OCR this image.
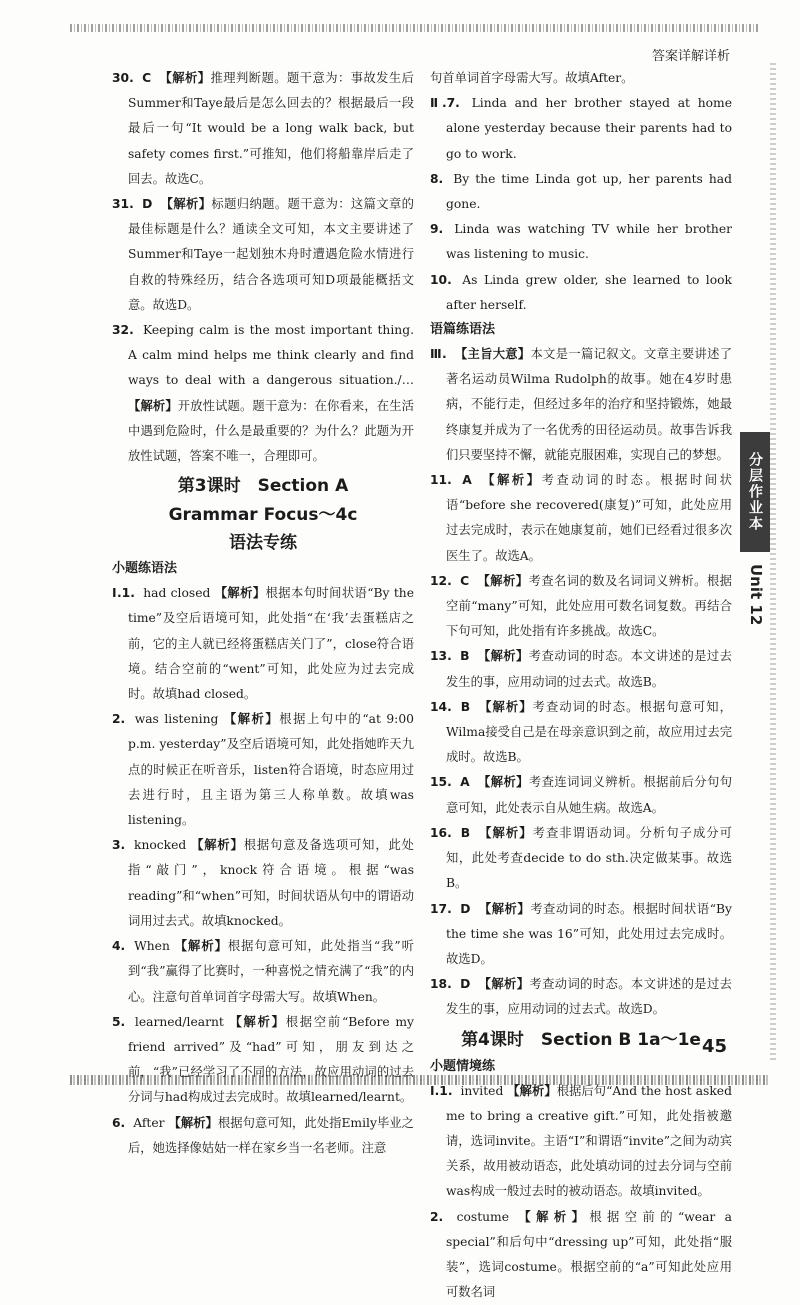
答案详解详析

30. C 【解析】推理判断题。题干意为：事故发生后Summer和Taye最后是怎么回去的？根据最后一段最后一句“It would be a long walk back, but safety comes first.”可推知，他们将船靠岸后走了回去。故选C。

31. D 【解析】标题归纳题。题干意为：这篇文章的最佳标题是什么？通读全文可知，本文主要讲述了Summer和Taye一起划独木舟时遭遇危险水情进行自救的特殊经历，结合各选项可知D项最能概括文意。故选D。

32. Keeping calm is the most important thing. A calm mind helps me think clearly and find ways to deal with a dangerous situation./… 【解析】开放性试题。题干意为：在你看来，在生活中遇到危险时，什么是最重要的？为什么？此题为开放性试题，答案不唯一，合理即可。

第3课时　Section A

Grammar Focus～4c

语法专练

小题练语法

Ⅰ.1. had closed 【解析】根据本句时间状语“By the time”及空后语境可知，此处指“在‘我’去蛋糕店之前，它的主人就已经将蛋糕店关门了”，close符合语境。结合空前的“went”可知，此处应为过去完成时。故填had closed。

2. was listening 【解析】根据上句中的“at 9:00 p.m. yesterday”及空后语境可知，此处指她昨天九点的时候正在听音乐，listen符合语境，时态应用过去进行时，且主语为第三人称单数。故填was listening。

3. knocked 【解析】根据句意及备选项可知，此处指“敲门”，knock符合语境。根据“was reading”和“when”可知，时间状语从句中的谓语动词用过去式。故填knocked。

4. When 【解析】根据句意可知，此处指当“我”听到“我”赢得了比赛时，一种喜悦之情充满了“我”的内心。注意句首单词首字母需大写。故填When。

5. learned/learnt 【解析】根据空前“Before my friend arrived”及“had”可知，朋友到达之前，“我”已经学习了不同的方法，故应用动词的过去分词与had构成过去完成时。故填learned/learnt。

6. After 【解析】根据句意可知，此处指Emily毕业之后，她选择像姑姑一样在家乡当一名老师。注意

句首单词首字母需大写。故填After。

Ⅱ.7. Linda and her brother stayed at home alone yesterday because their parents had to go to work.

8. By the time Linda got up, her parents had gone.

9. Linda was watching TV while her brother was listening to music.

10. As Linda grew older, she learned to look after herself.

语篇练语法

Ⅲ. 【主旨大意】本文是一篇记叙文。文章主要讲述了著名运动员Wilma Rudolph的故事。她在4岁时患病，不能行走，但经过多年的治疗和坚持锻炼，她最终康复并成为了一名优秀的田径运动员。故事告诉我们只要坚持不懈，就能克服困难，实现自己的梦想。

11. A 【解析】考查动词的时态。根据时间状语“before she recovered(康复)”可知，此处应用过去完成时，表示在她康复前，她们已经看过很多次医生了。故选A。

12. C 【解析】考查名词的数及名词词义辨析。根据空前“many”可知，此处应用可数名词复数。再结合下句可知，此处指有许多挑战。故选C。

13. B 【解析】考查动词的时态。本文讲述的是过去发生的事，应用动词的过去式。故选B。

14. B 【解析】考查动词的时态。根据句意可知，Wilma接受自己是在母亲意识到之前，故应用过去完成时。故选B。

15. A 【解析】考查连词词义辨析。根据前后分句句意可知，此处表示自从她生病。故选A。

16. B 【解析】考查非谓语动词。分析句子成分可知，此处考查decide to do sth.决定做某事。故选B。

17. D 【解析】考查动词的时态。根据时间状语“By the time she was 16”可知，此处用过去完成时。故选D。

18. D 【解析】考查动词的时态。本文讲述的是过去发生的事，应用动词的过去式。故选D。

第4课时　Section B 1a～1e

小题情境练

Ⅰ.1. invited 【解析】根据后句“And the host asked me to bring a creative gift.”可知，此处指被邀请，选词invite。主语“I”和谓语“invite”之间为动宾关系，故用被动语态，此处填动词的过去分词与空前was构成一般过去时的被动语态。故填invited。

2. costume 【解析】根据空前的“wear a special”和后句中“dressing up”可知，此处指“服装”，选词costume。根据空前的“a”可知此处应用可数名词

分层作业本
Unit 12
45
